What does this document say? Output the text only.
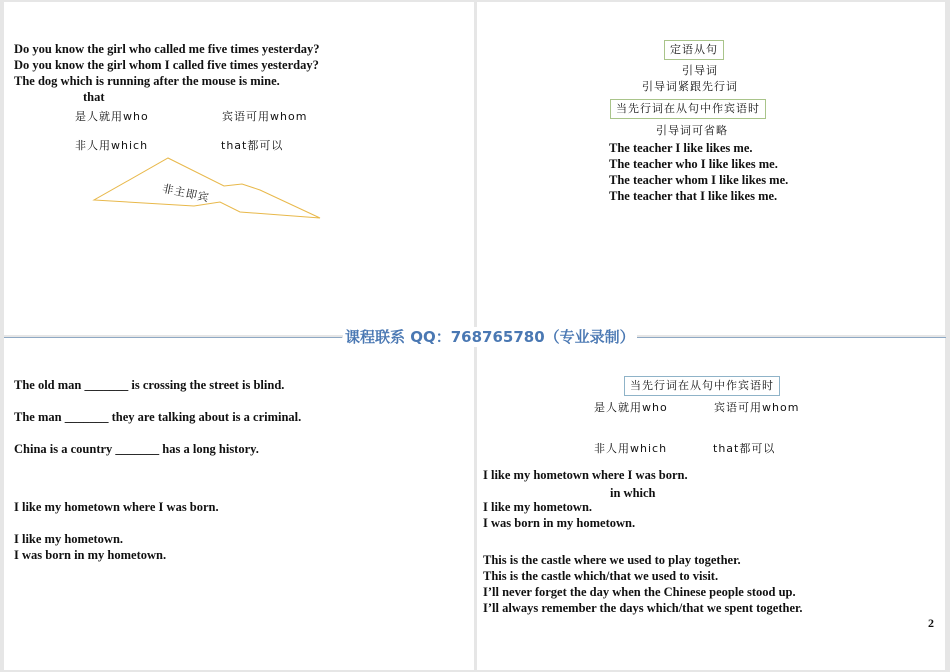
Do you know the girl who called me five times yesterday?
Do you know the girl whom I called five times yesterday?
The dog which is running after the mouse is mine.
that
是人就用who	宾语可用whom
非人用which	that都可以
非主即宾
定语从句
引导词
引导词紧跟先行词
当先行词在从句中作宾语时
引导词可省略
The teacher I like likes me.
The teacher who I like likes me.
The teacher whom I like likes me.
The teacher that I like likes me.
The old man _______ is crossing the street is blind.
The man _______ they are talking about is a criminal.
China is a country _______ has a long history.
I like my hometown where I was born.
I like my hometown.
I was born in my hometown.
当先行词在从句中作宾语时
是人就用who	宾语可用whom
非人用which	that都可以
I like my hometown where I was born.
in which
I like my hometown.
I was born in my hometown.
This is the castle where we used to play together.
This is the castle which/that we used to visit.
I’ll never forget the day when the Chinese people stood up.
I’ll always remember the days which/that we spent together.
课程联系 QQ：768765780（专业录制）
2
